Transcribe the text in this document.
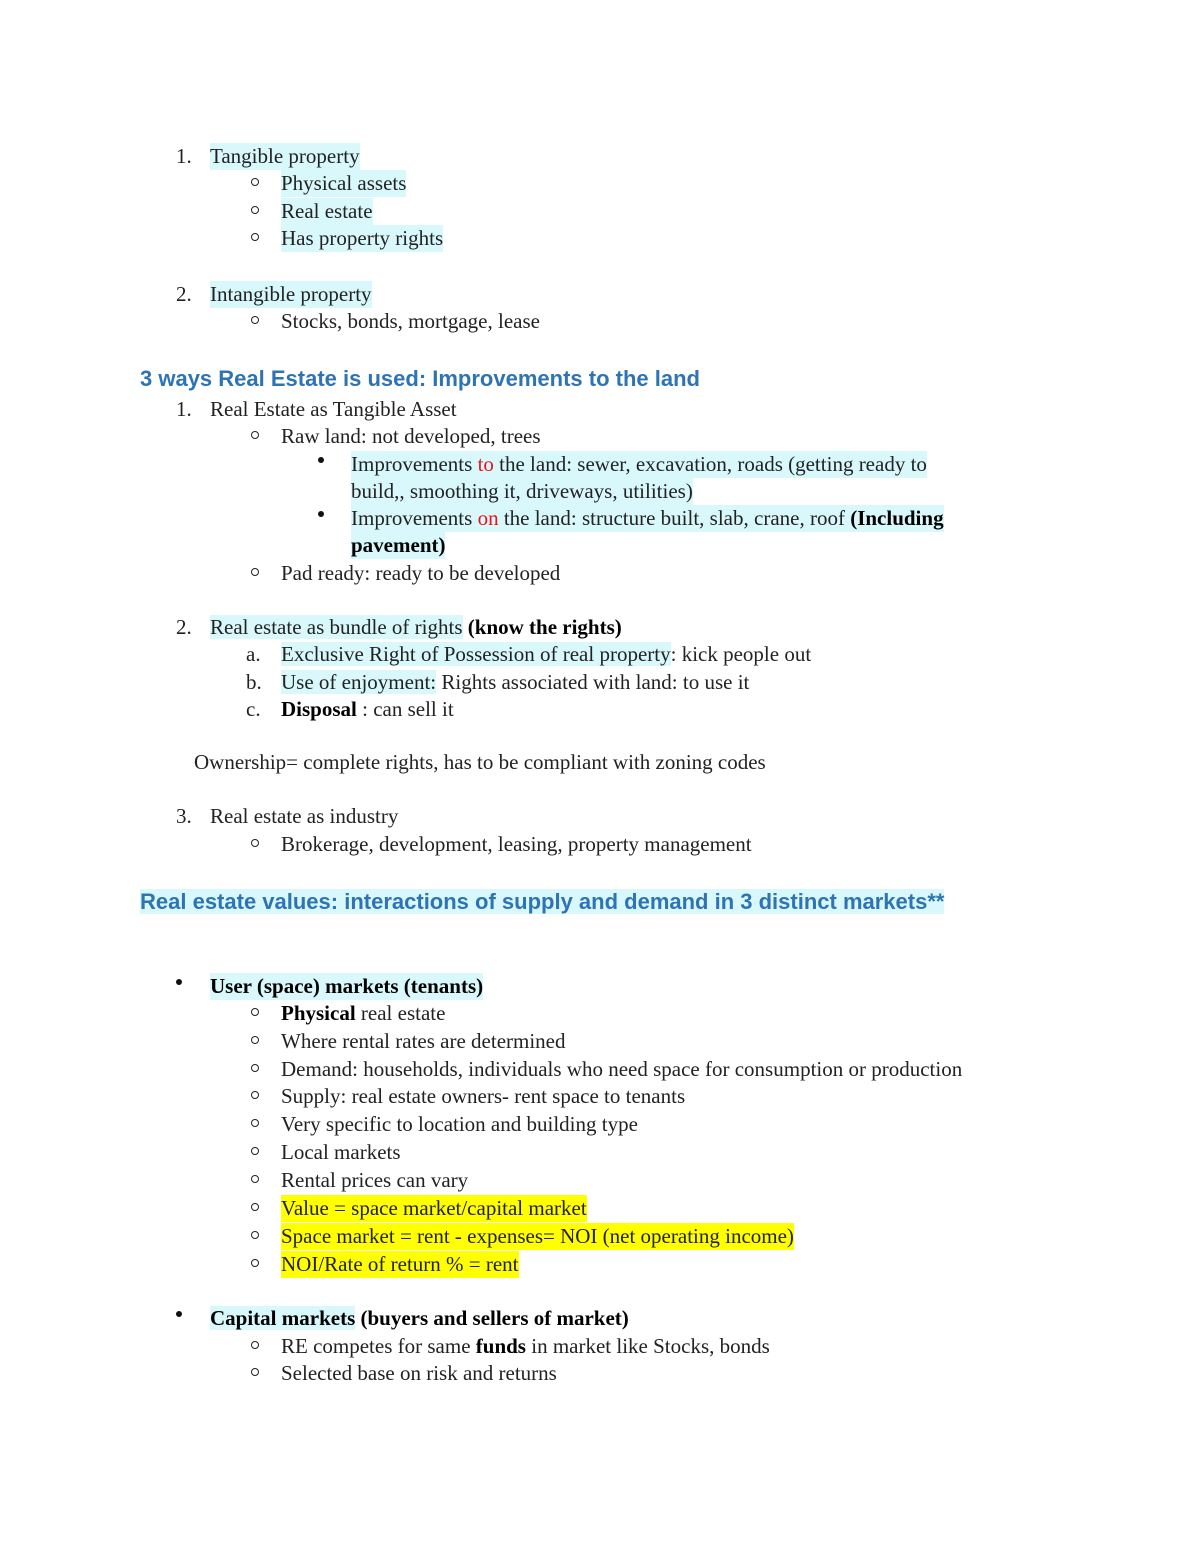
1. Tangible property
Physical assets
Real estate
Has property rights
2. Intangible property
Stocks, bonds, mortgage, lease
3 ways Real Estate is used: Improvements to the land
1. Real Estate as Tangible Asset
Raw land: not developed, trees
Improvements to the land: sewer, excavation, roads (getting ready to
build,, smoothing it, driveways, utilities)
Improvements on the land: structure built, slab, crane, roof (Including
pavement)
Pad ready: ready to be developed
2. Real estate as bundle of rights (know the rights)
a. Exclusive Right of Possession of real property: kick people out
b. Use of enjoyment: Rights associated with land: to use it
c. Disposal : can sell it
Ownership= complete rights, has to be compliant with zoning codes
3. Real estate as industry
Brokerage, development, leasing, property management
Real estate values: interactions of supply and demand in 3 distinct markets**
User (space) markets (tenants)
Physical real estate
Where rental rates are determined
Demand: households, individuals who need space for consumption or production
Supply: real estate owners- rent space to tenants
Very specific to location and building type
Local markets
Rental prices can vary
Value = space market/capital market
Space market = rent - expenses= NOI (net operating income)
NOI/Rate of return % = rent
Capital markets (buyers and sellers of market)
RE competes for same funds in market like Stocks, bonds
Selected base on risk and returns
